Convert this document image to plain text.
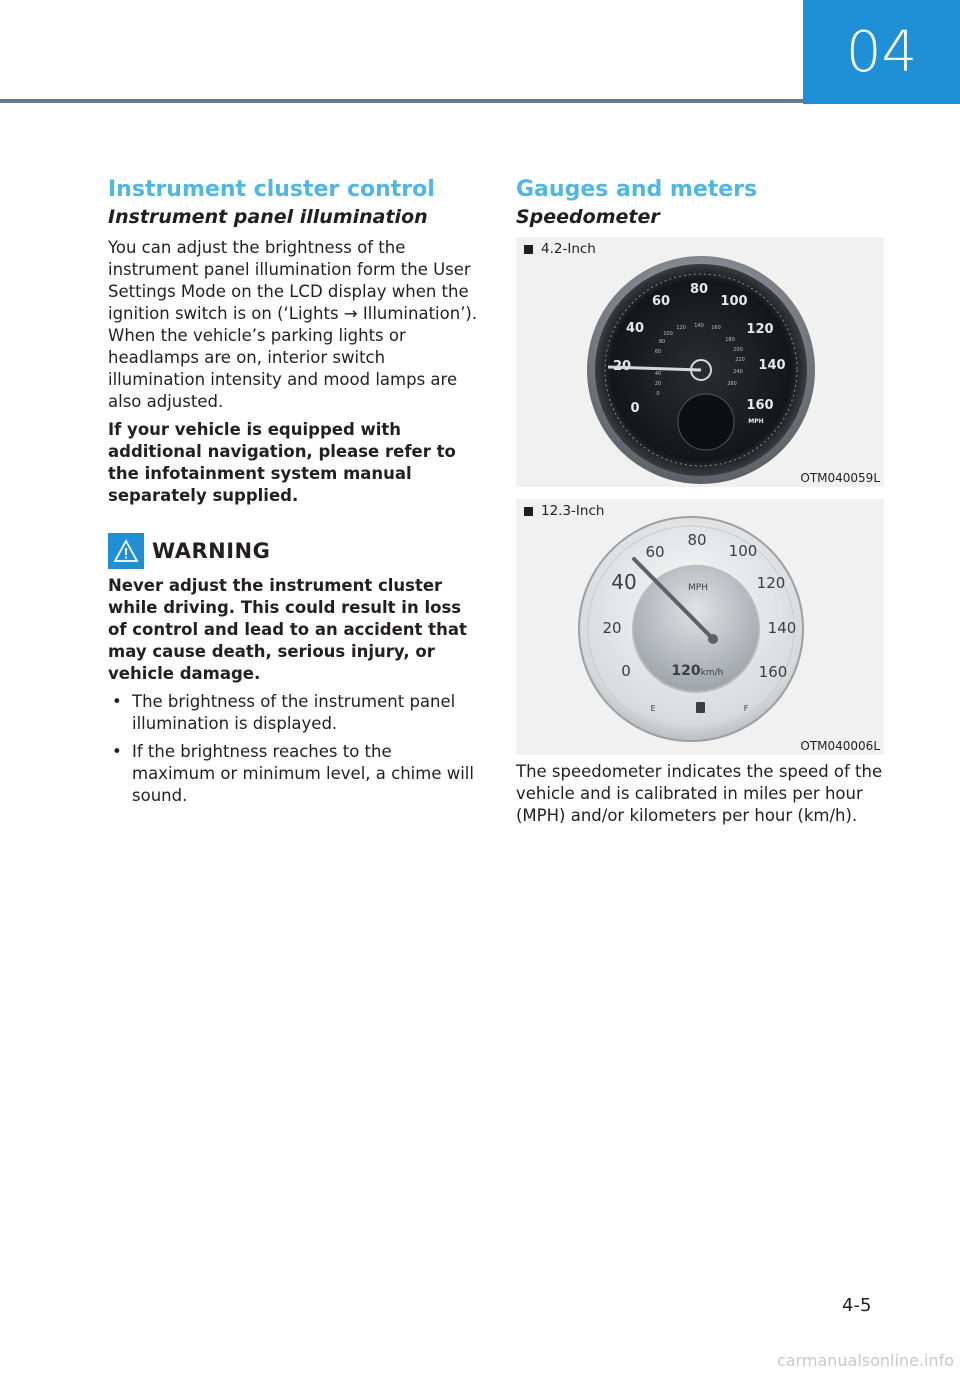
04
Instrument cluster control
Instrument panel illumination

You can adjust the brightness of the instrument panel illumination form the User Settings Mode on the LCD display when the ignition switch is on (‘Lights → Illumination’). When the vehicle’s parking lights or headlamps are on, interior switch illumination intensity and mood lamps are also adjusted.

If your vehicle is equipped with additional navigation, please refer to the infotainment system manual separately supplied.

WARNING

Never adjust the instrument cluster while driving. This could result in loss of control and lead to an accident that may cause death, serious injury, or vehicle damage.

• The brightness of the instrument panel illumination is displayed.
• If the brightness reaches to the maximum or minimum level, a chime will sound.
Gauges and meters
Speedometer
0
40
60
80
100
120
140
160
MPH
120 140 160
180
200
220
240
260
100
80
60
40
20
0
4.2-Inch
OTM040059L
0
20
40
60
80
100
120
140
160
MPH
120 km/h
E	F
12.3-Inch
OTM040006L

The speedometer indicates the speed of the vehicle and is calibrated in miles per hour (MPH) and/or kilometers per hour (km/h).

4-5
carmanualsonline.info
